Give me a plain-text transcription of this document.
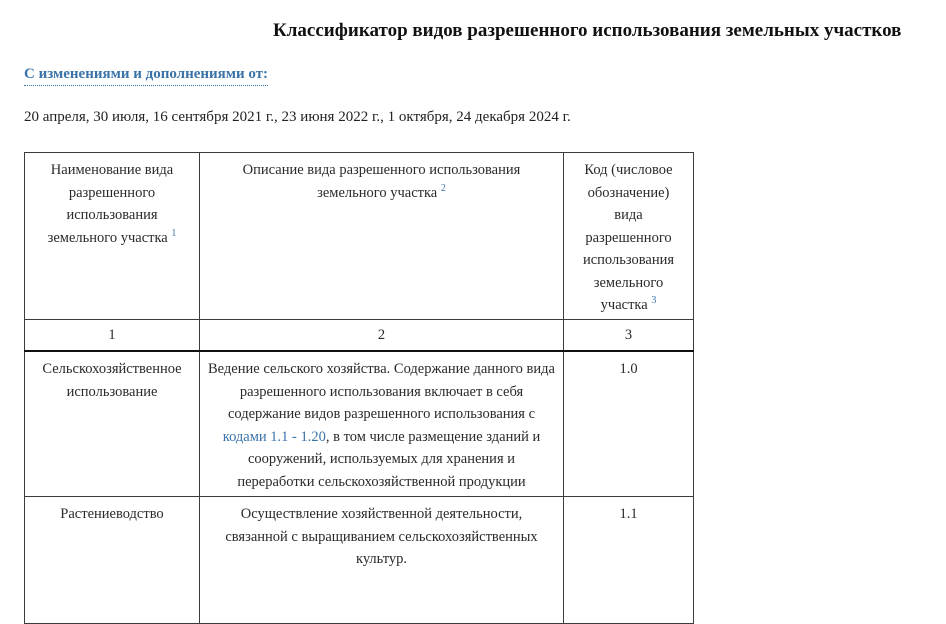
Классификатор видов разрешенного использования земельных участков
С изменениями и дополнениями от:
20 апреля, 30 июля, 16 сентября 2021 г., 23 июня 2022 г., 1 октября, 24 декабря 2024 г.
Наименование вида разрешенного использования земельного участка $^1$	Описание вида разрешенного использования земельного участка $^2$	Код (числовое обозначение) вида разрешенного использования земельного участка $^3$
1	2	3
Сельскохозяйственное использование	Ведение сельского хозяйства. Содержание данного вида разрешенного использования включает в себя содержание видов разрешенного использования с кодами 1.1 - 1.20, в том числе размещение зданий и сооружений, используемых для хранения и переработки сельскохозяйственной продукции	1.0
Растениеводство	Осуществление хозяйственной деятельности, связанной с выращиванием сельскохозяйственных культур.	1.1
